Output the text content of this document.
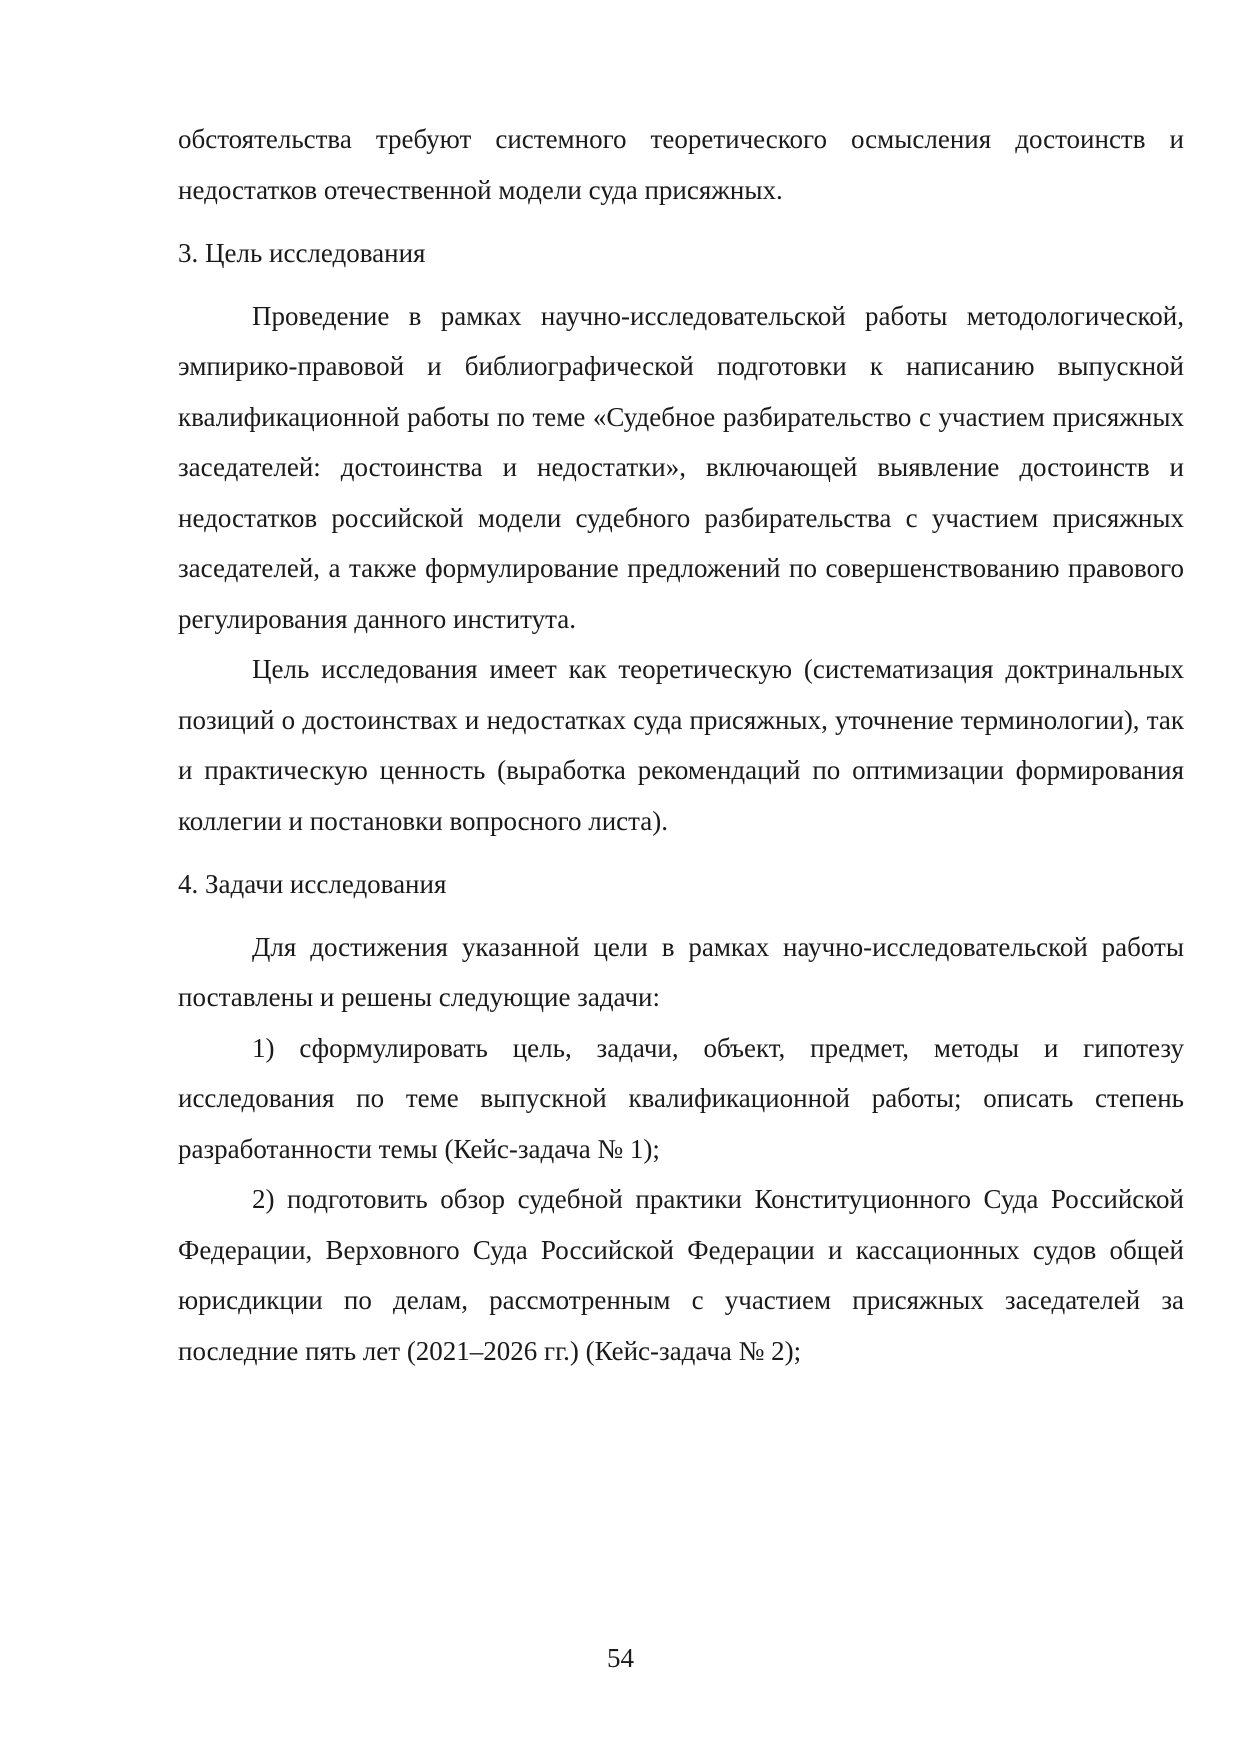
обстоятельства требуют системного теоретического осмысления достоинств и недостатков отечественной модели суда присяжных.

3. Цель исследования

Проведение в рамках научно-исследовательской работы методологической, эмпирико-правовой и библиографической подготовки к написанию выпускной квалификационной работы по теме «Судебное разбирательство с участием присяжных заседателей: достоинства и недостатки», включающей выявление достоинств и недостатков российской модели судебного разбирательства с участием присяжных заседателей, а также формулирование предложений по совершенствованию правового регулирования данного института.

Цель исследования имеет как теоретическую (систематизация доктринальных позиций о достоинствах и недостатках суда присяжных, уточнение терминологии), так и практическую ценность (выработка рекомендаций по оптимизации формирования коллегии и постановки вопросного листа).

4. Задачи исследования

Для достижения указанной цели в рамках научно-исследовательской работы поставлены и решены следующие задачи:

1) сформулировать цель, задачи, объект, предмет, методы и гипотезу исследования по теме выпускной квалификационной работы; описать степень разработанности темы (Кейс-задача № 1);

2) подготовить обзор судебной практики Конституционного Суда Российской Федерации, Верховного Суда Российской Федерации и кассационных судов общей юрисдикции по делам, рассмотренным с участием присяжных заседателей за последние пять лет (2021–2026 гг.) (Кейс-задача № 2);

54
